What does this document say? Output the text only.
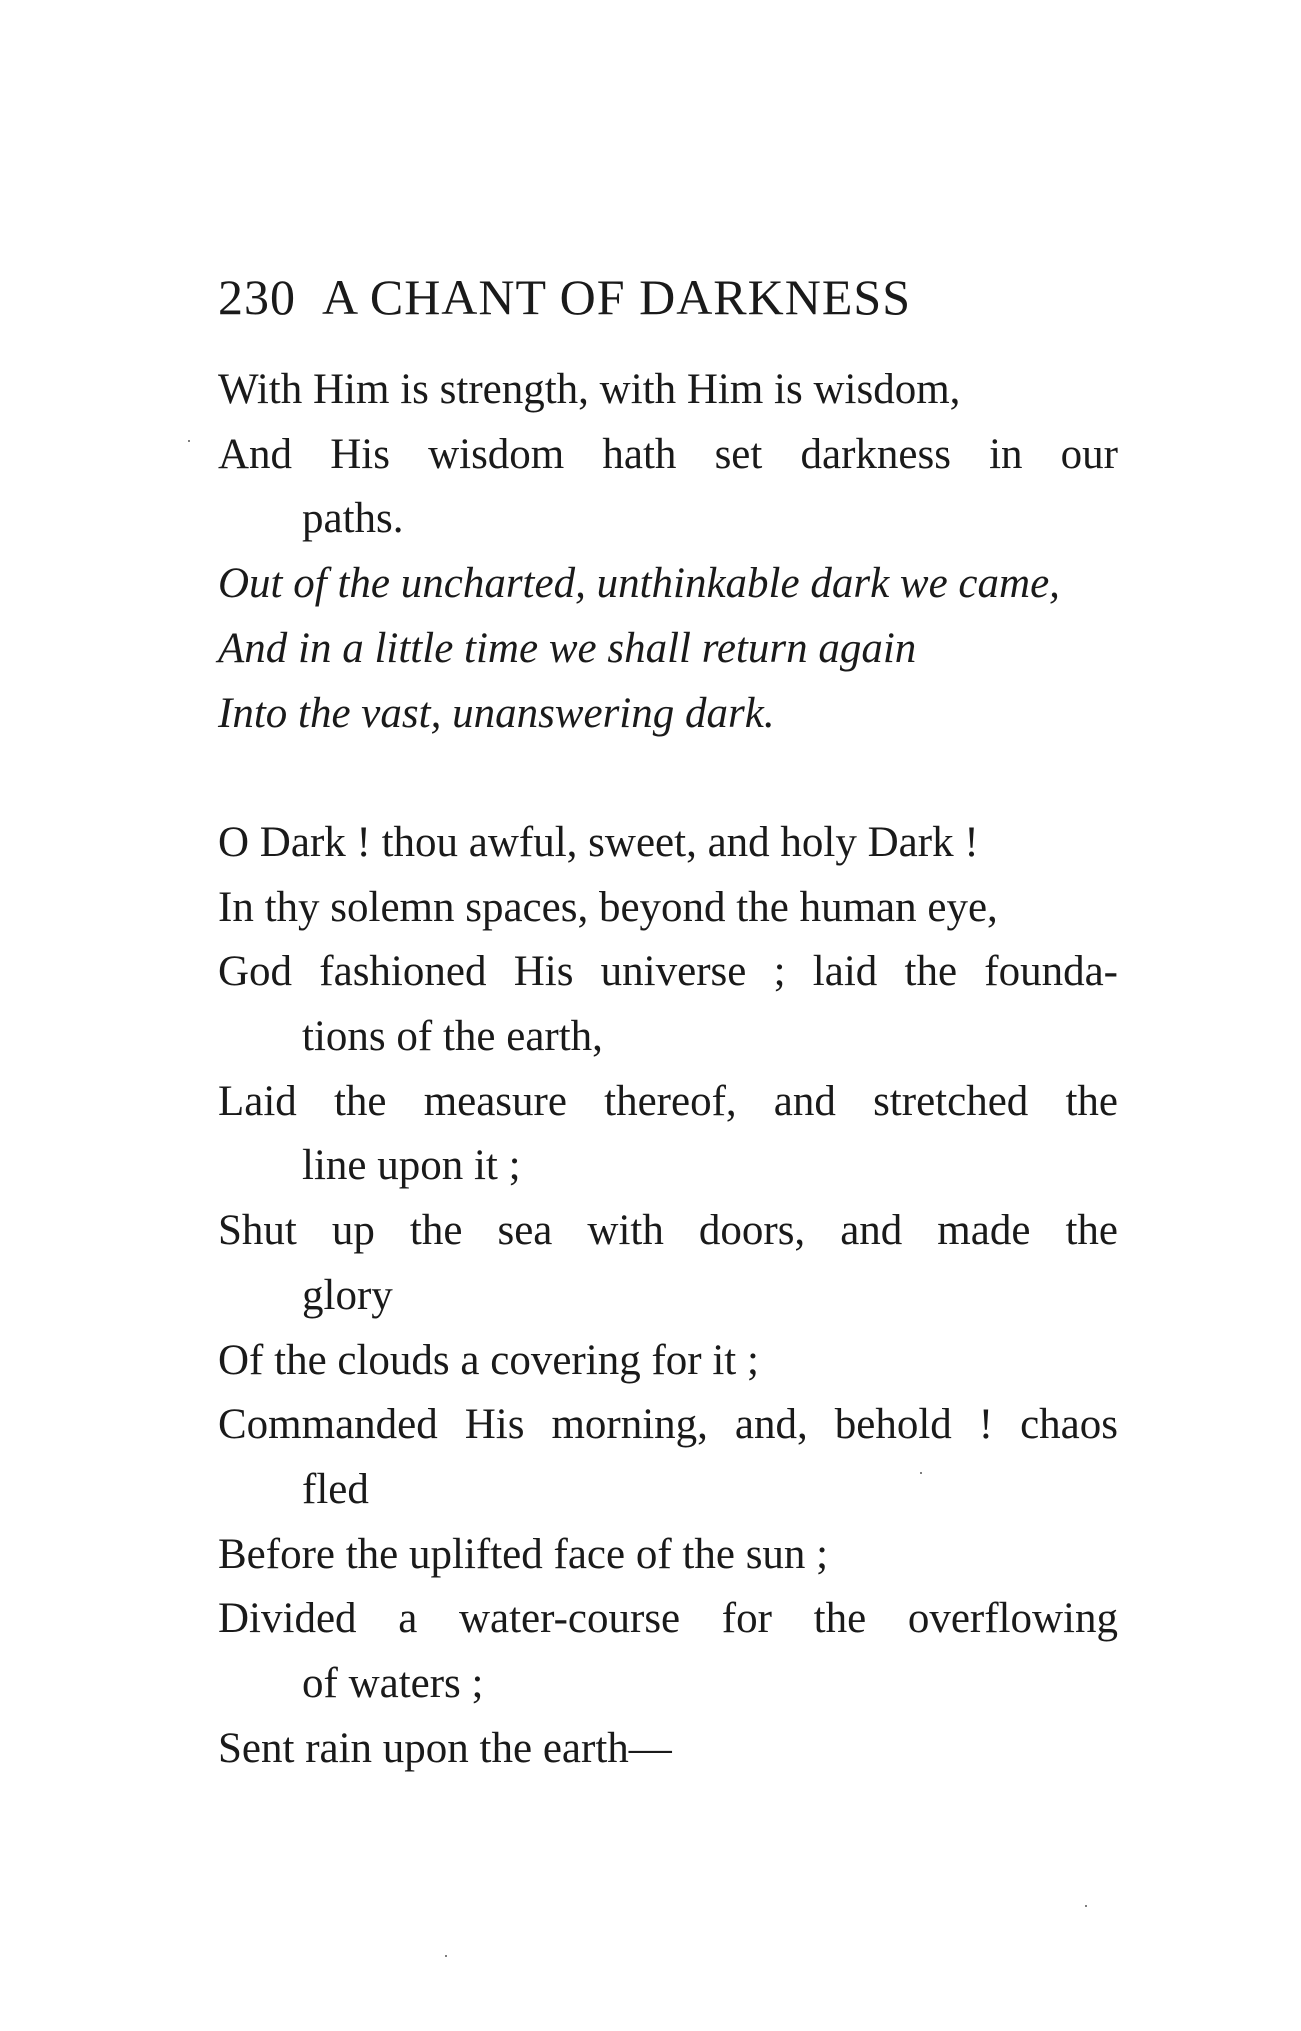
230 A CHANT OF DARKNESS
With Him is strength, with Him is wisdom,
And His wisdom hath set darkness in our
paths.
Out of the uncharted, unthinkable dark we came,
And in a little time we shall return again
Into the vast, unanswering dark.
O Dark ! thou awful, sweet, and holy Dark !
In thy solemn spaces, beyond the human eye,
God fashioned His universe ; laid the founda-
tions of the earth,
Laid the measure thereof, and stretched the
line upon it ;
Shut up the sea with doors, and made the
glory
Of the clouds a covering for it ;
Commanded His morning, and, behold ! chaos
fled
Before the uplifted face of the sun ;
Divided a water-course for the overflowing
of waters ;
Sent rain upon the earth—
